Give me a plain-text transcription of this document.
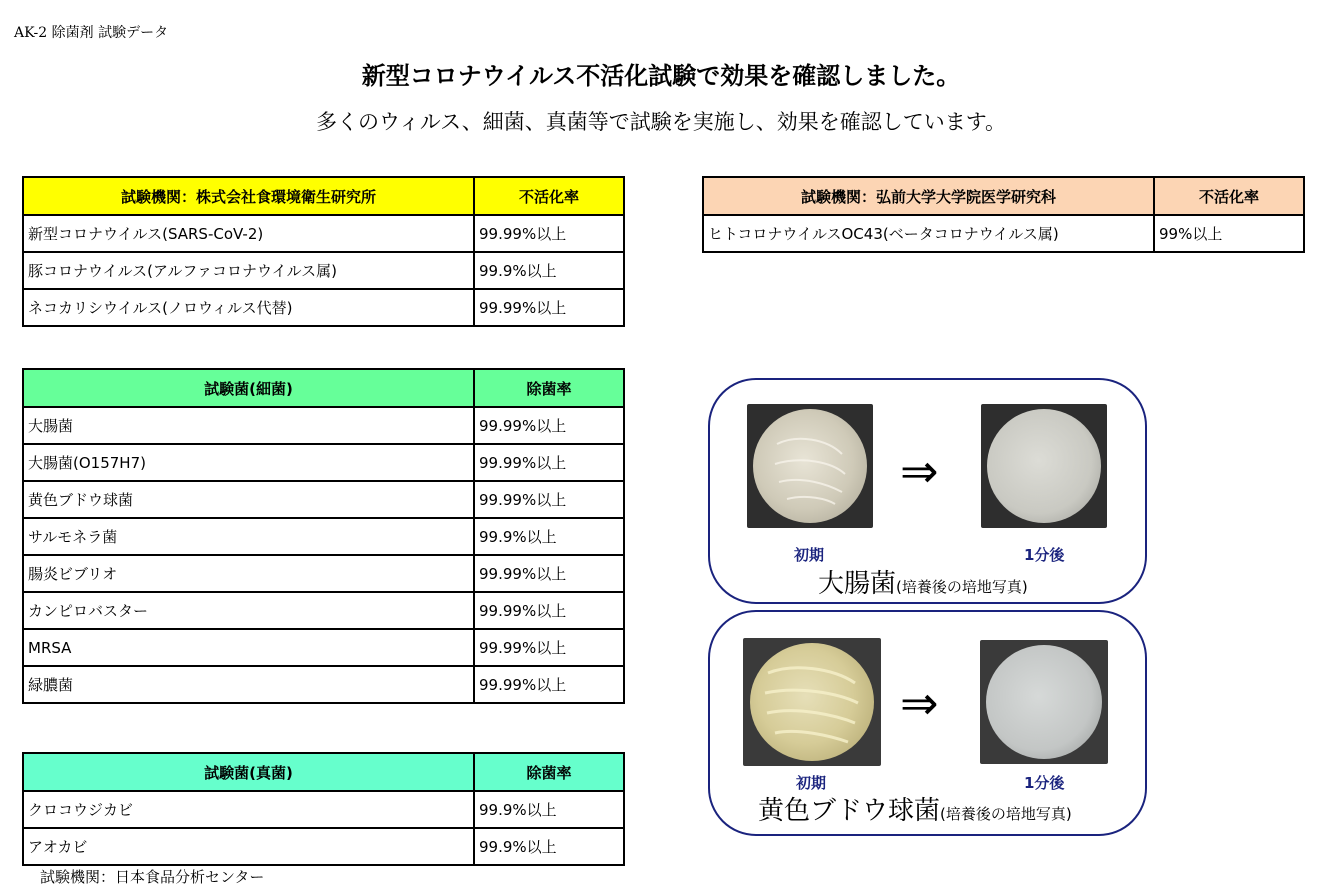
AK-2 除菌剤 試験データ
新型コロナウイルス不活化試験で効果を確認しました。
多くのウィルス、細菌、真菌等で試験を実施し、効果を確認しています。
試験機関：株式会社食環境衛生研究所	不活化率
新型コロナウイルス(SARS-CoV-2)	99.99%以上
豚コロナウイルス(アルファコロナウイルス属)	99.9%以上
ネコカリシウイルス(ノロウィルス代替)	99.99%以上
試験機関：弘前大学大学院医学研究科	不活化率
ヒトコロナウイルスOC43(ベータコロナウイルス属)	99%以上
試験菌(細菌)	除菌率
大腸菌	99.99%以上
大腸菌(O157H7)	99.99%以上
黄色ブドウ球菌	99.99%以上
サルモネラ菌	99.9%以上
腸炎ビブリオ	99.99%以上
カンピロバスター	99.99%以上
MRSA	99.99%以上
緑膿菌	99.99%以上
試験菌(真菌)	除菌率
クロコウジカビ	99.9%以上
アオカビ	99.9%以上
試験機関：日本食品分析センター
⇒
初期	1分後
大腸菌(培養後の培地写真)
⇒
初期	1分後
黄色ブドウ球菌(培養後の培地写真)
